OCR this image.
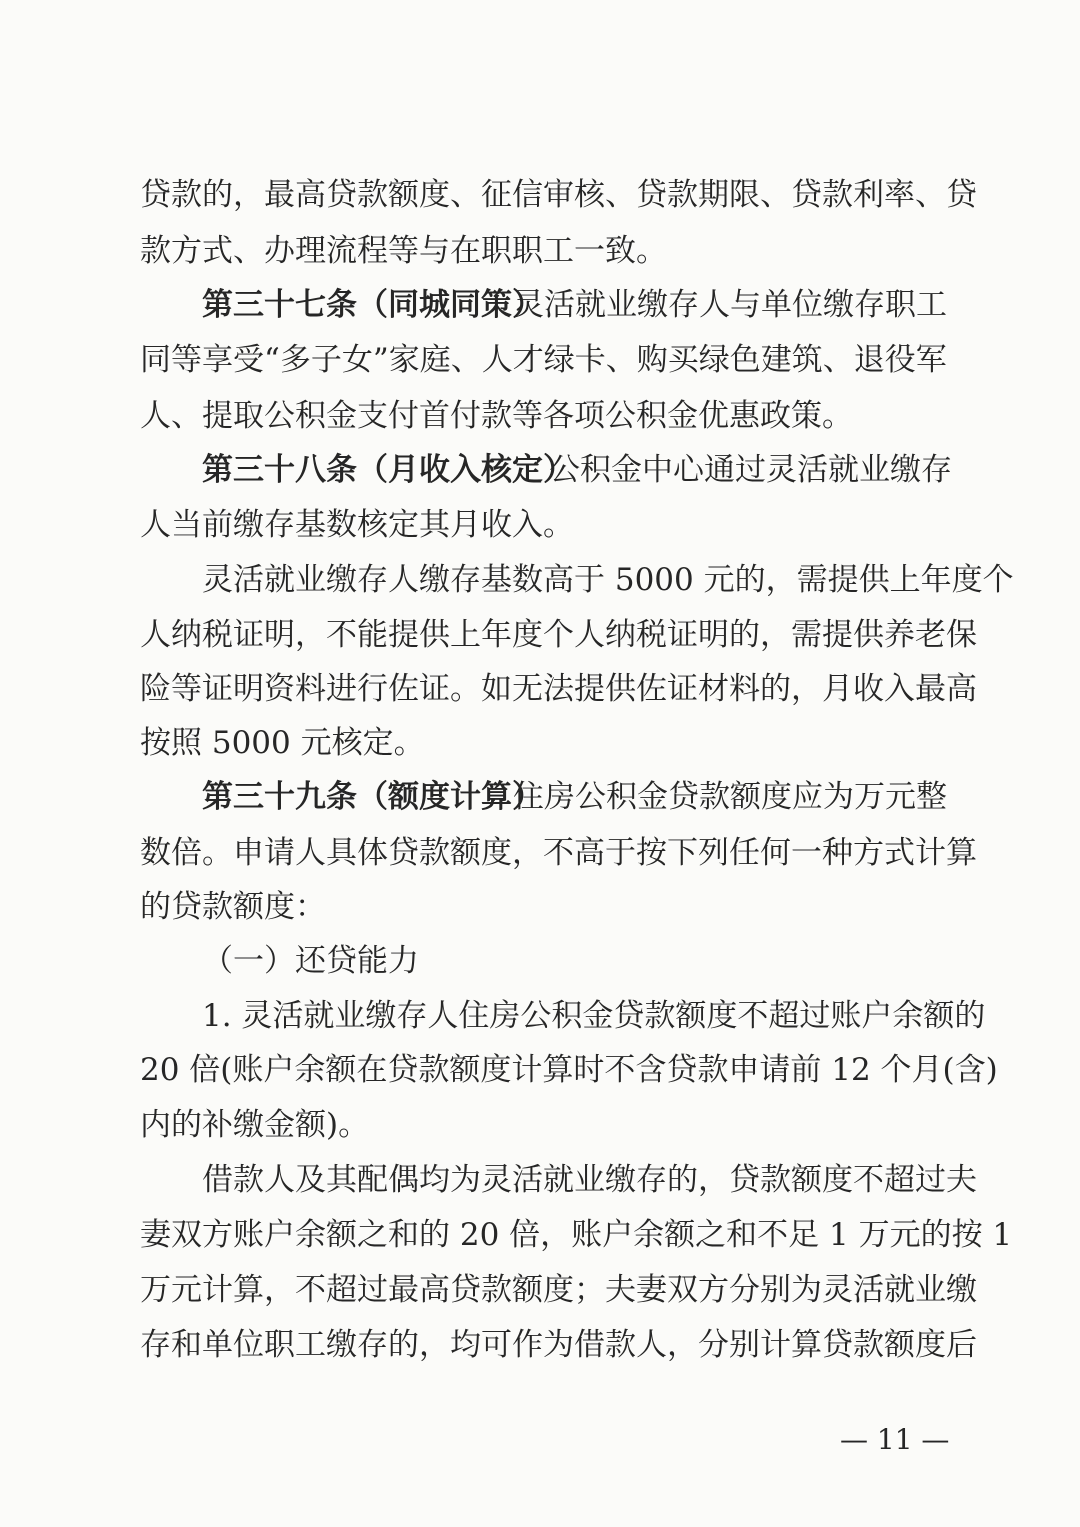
贷款的，最高贷款额度、征信审核、贷款期限、贷款利率、贷
款方式、办理流程等与在职职工一致。
第三十七条（同城同策）
灵活就业缴存人与单位缴存职工
同等享受“多子女”家庭、人才绿卡、购买绿色建筑、退役军
人、提取公积金支付首付款等各项公积金优惠政策。
第三十八条（月收入核定）
公积金中心通过灵活就业缴存
人当前缴存基数核定其月收入。
灵活就业缴存人缴存基数高于 5000 元的，需提供上年度个
人纳税证明，不能提供上年度个人纳税证明的，需提供养老保
险等证明资料进行佐证。如无法提供佐证材料的，月收入最高
按照 5000 元核定。
第三十九条（额度计算）
住房公积金贷款额度应为万元整
数倍。申请人具体贷款额度，不高于按下列任何一种方式计算
的贷款额度：
（一）还贷能力
1. 灵活就业缴存人住房公积金贷款额度不超过账户余额的
20 倍(账户余额在贷款额度计算时不含贷款申请前 12 个月(含)
内的补缴金额)。
借款人及其配偶均为灵活就业缴存的，贷款额度不超过夫
妻双方账户余额之和的 20 倍，账户余额之和不足 1 万元的按 1
万元计算，不超过最高贷款额度；夫妻双方分别为灵活就业缴
存和单位职工缴存的，均可作为借款人，分别计算贷款额度后
— 11 —
